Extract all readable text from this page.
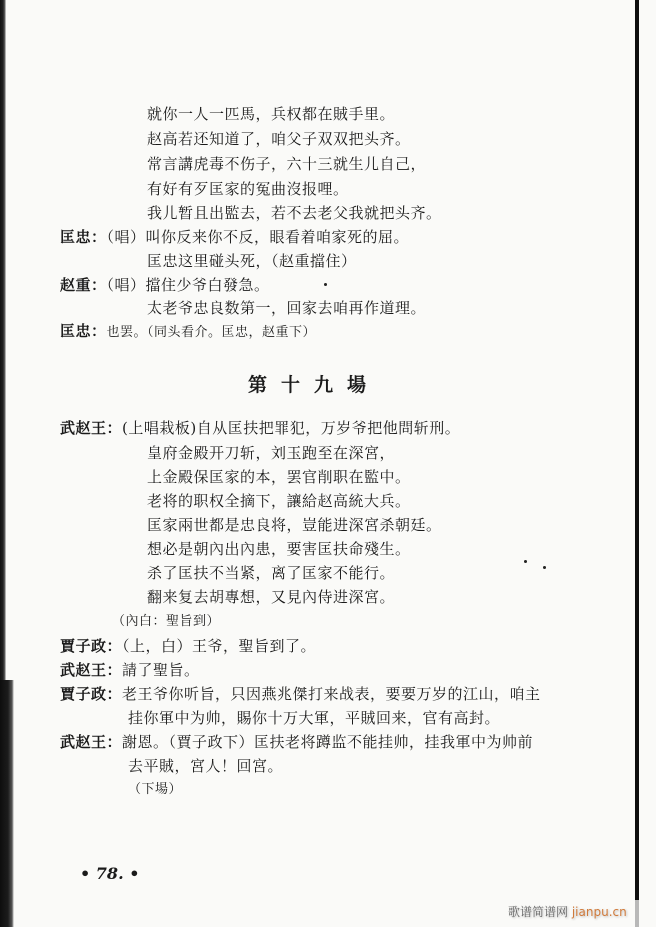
就你一人一匹馬，兵权都在賊手里。
赵高若还知道了，咱父子双双把头齐。
常言講虎毒不伤子，六十三就生儿自己，
有好有歹匡家的冤曲沒报哩。
我儿暂且出監去，若不去老父我就把头齐。
匡忠：（唱）叫你反来你不反，眼看着咱家死的屈。
匡忠这里碰头死，（赵重擋住）
赵重：（唱）擋住少爷白發急。
太老爷忠良数第一，回家去咱再作道理。
匡忠：也罢。（同头看介。匡忠，赵重下）
第十九場
武赵王：(上唱栽板)自从匡扶把罪犯，万岁爷把他問斩刑。
皇府金殿开刀斩，刘玉跑至在深宮，
上金殿保匡家的本，罢官削职在監中。
老将的职权全摘下，讓給赵高統大兵。
匡家兩世都是忠良将，豈能进深宮杀朝廷。
想必是朝內出內患，要害匡扶命殘生。
杀了匡扶不当紧，离了匡家不能行。
翻来复去胡專想，又見內侍进深宮。
（內白：聖旨到）
賈子政：（上，白）王爷，聖旨到了。
武赵王：請了聖旨。
賈子政：老王爷你听旨，只因燕兆傑打来战表，要要万岁的江山，咱主
挂你軍中为帅，賜你十万大軍，平賊回来，官有高封。
武赵王：謝恩。（賈子政下）匡扶老将蹲监不能挂帅，挂我軍中为帅前
去平賊，宮人！回宮。
（下場）
• 78. •
歌谱简谱网 jianpu.cn
